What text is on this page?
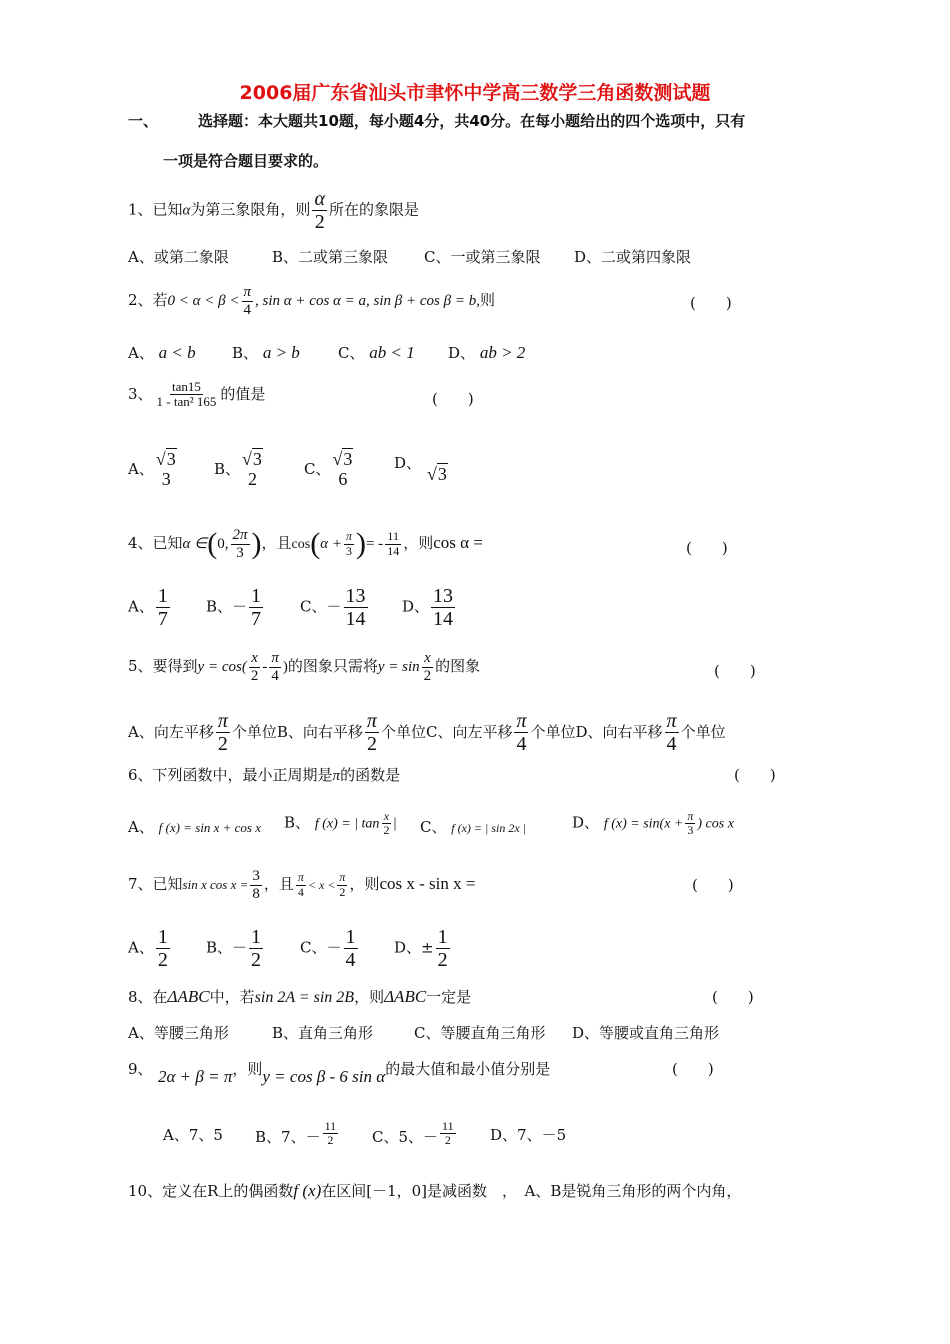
2006届广东省汕头市聿怀中学高三数学三角函数测试题
一、	选择题：本大题共10题，每小题4分，共40分。在每小题给出的四个选项中，只有
一项是符合题目要求的。
1、已知α为第三象限角，则 $\frac{\alpha}{2}$ 所在的象限是
A、或第二象限	B、二或第三象限 C、一或第三象限 D、二或第四象限
2、若$0 < \alpha < \beta < \frac{\pi}{4}$ , sin α + cos α = a, sin β + cos β = b,则	(　　)
A、 a < b B、 a > b	C、 ab < 1 D、 ab > 2
3、 $\frac{\tan 15}{\text{1 - tan² 165}}$ 的值是	(　　)
A、 √3
3	B、 √3
2	C、 √3
6
D、√3
4、已知α ∈(0, $\frac{2\pi}{3}$ )，且$\cos(\alpha + \frac{\pi}{3}$ )= - $\frac{11}{14}$ ，则cos α =	(　　)
A、 $\frac{1}{7}$ B、－ $\frac{1}{7}$ C、－ $\frac{13}{14}$ D、 $\frac{13}{14}$
5、要得到$y = \cos( \frac{x}{2} - \frac{\pi}{4}$ )的图象只需将$y = \sin \frac{x}{2}$ 的图象	(　　)
A、向左平移 $\frac{\pi}{2}$ 个单位B、向右平移 $\frac{\pi}{2}$ 个单位C、向左平移 $\frac{\pi}{4}$ 个单位D、向右平移 $\frac{\pi}{4}$ 个单位
6、下列函数中，最小正周期是π的函数是	(　　)
A、 f (x) = sin x + cos x B、 f (x) = | $\tan \frac{x}{2}$ | C、 f (x) = | sin 2x |	D、 f $(x) = \sin(x + \frac{\pi}{3}$ ) cos x
7、已知sin x $\cos x = \frac{3}{8}$ ，且 $\frac{\pi}{4} < x < \frac{\pi}{2}$ ，则cos x - sin x =	(　　)
A、 $\frac{1}{2}$ B、－ $\frac{1}{2}$ C、－ $\frac{1}{4}$ D、± $\frac{1}{2}$
8、在ΔABC中，若sin 2A = sin 2B，则ΔABC一定是	(　　)
A、等腰三角形	B、直角三角形	C、等腰直角三角形 D、等腰或直角三角形
9、 2α + β = π，则y = cos β - 6 sin α的最大值和最小值分别是	(　　)
A、7、5 B、7、－ $\frac{11}{2}$ C、5、－ $\frac{11}{2}$ D、7、－5
10、定义在R上的偶函数f (x)在区间[－1，0]是减函数　，　A、B是锐角三角形的两个内角，
